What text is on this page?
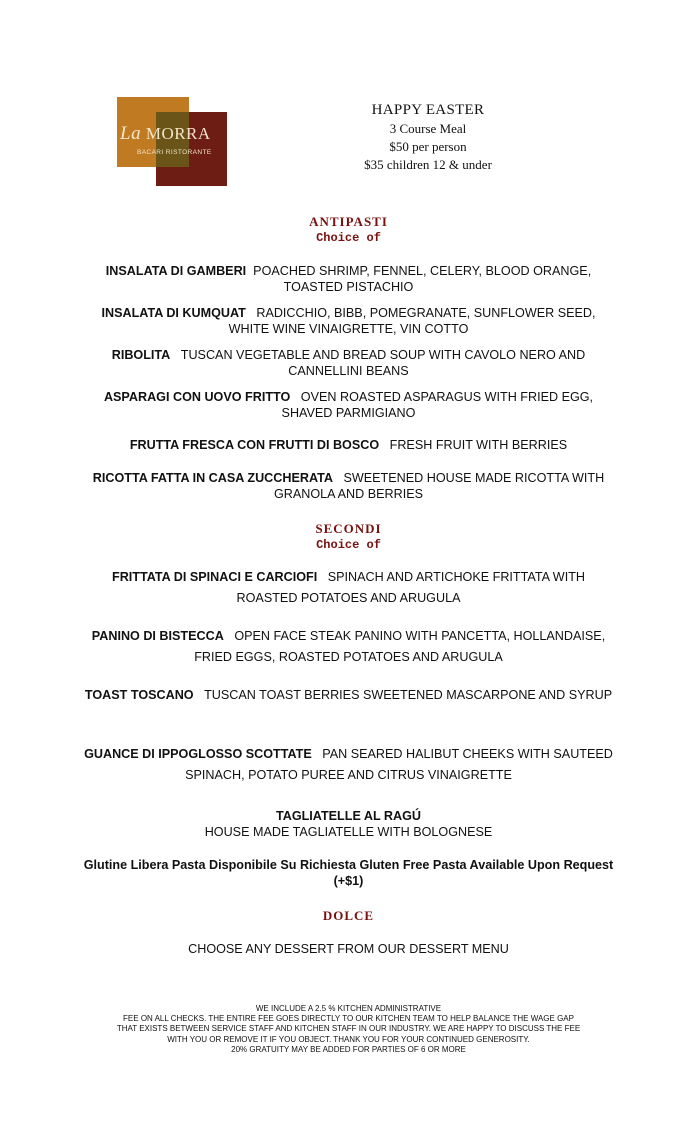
La MORRA
BACARI RISTORANTE
HAPPY EASTER
3 Course Meal
$50 per person
$35 children 12 & under
ANTIPASTI
Choice of
INSALATA DI GAMBERI POACHED SHRIMP, FENNEL, CELERY, BLOOD ORANGE, TOASTED PISTACHIO
INSALATA DI KUMQUAT RADICCHIO, BIBB, POMEGRANATE, SUNFLOWER SEED, WHITE WINE VINAIGRETTE, VIN COTTO
RIBOLITA TUSCAN VEGETABLE AND BREAD SOUP WITH CAVOLO NERO AND CANNELLINI BEANS
ASPARAGI CON UOVO FRITTO OVEN ROASTED ASPARAGUS WITH FRIED EGG, SHAVED PARMIGIANO
FRUTTA FRESCA CON FRUTTI DI BOSCO FRESH FRUIT WITH BERRIES
RICOTTA FATTA IN CASA ZUCCHERATA SWEETENED HOUSE MADE RICOTTA WITH GRANOLA AND BERRIES
SECONDI
Choice of
FRITTATA DI SPINACI E CARCIOFI SPINACH AND ARTICHOKE FRITTATA WITH ROASTED POTATOES AND ARUGULA
PANINO DI BISTECCA OPEN FACE STEAK PANINO WITH PANCETTA, HOLLANDAISE, FRIED EGGS, ROASTED POTATOES AND ARUGULA
TOAST TOSCANO TUSCAN TOAST BERRIES SWEETENED MASCARPONE AND SYRUP
GUANCE DI IPPOGLOSSO SCOTTATE PAN SEARED HALIBUT CHEEKS WITH SAUTEED SPINACH, POTATO PUREE AND CITRUS VINAIGRETTE
TAGLIATELLE AL RAGÚ
HOUSE MADE TAGLIATELLE WITH BOLOGNESE
Glutine Libera Pasta Disponibile Su Richiesta Gluten Free Pasta Available Upon Request (+$1)
DOLCE
CHOOSE ANY DESSERT FROM OUR DESSERT MENU
WE INCLUDE A 2.5 % KITCHEN ADMINISTRATIVE
FEE ON ALL CHECKS. THE ENTIRE FEE GOES DIRECTLY TO OUR KITCHEN TEAM TO HELP BALANCE THE WAGE GAP
THAT EXISTS BETWEEN SERVICE STAFF AND KITCHEN STAFF IN OUR INDUSTRY. WE ARE HAPPY TO DISCUSS THE FEE
WITH YOU OR REMOVE IT IF YOU OBJECT. THANK YOU FOR YOUR CONTINUED GENEROSITY.
20% GRATUITY MAY BE ADDED FOR PARTIES OF 6 OR MORE
